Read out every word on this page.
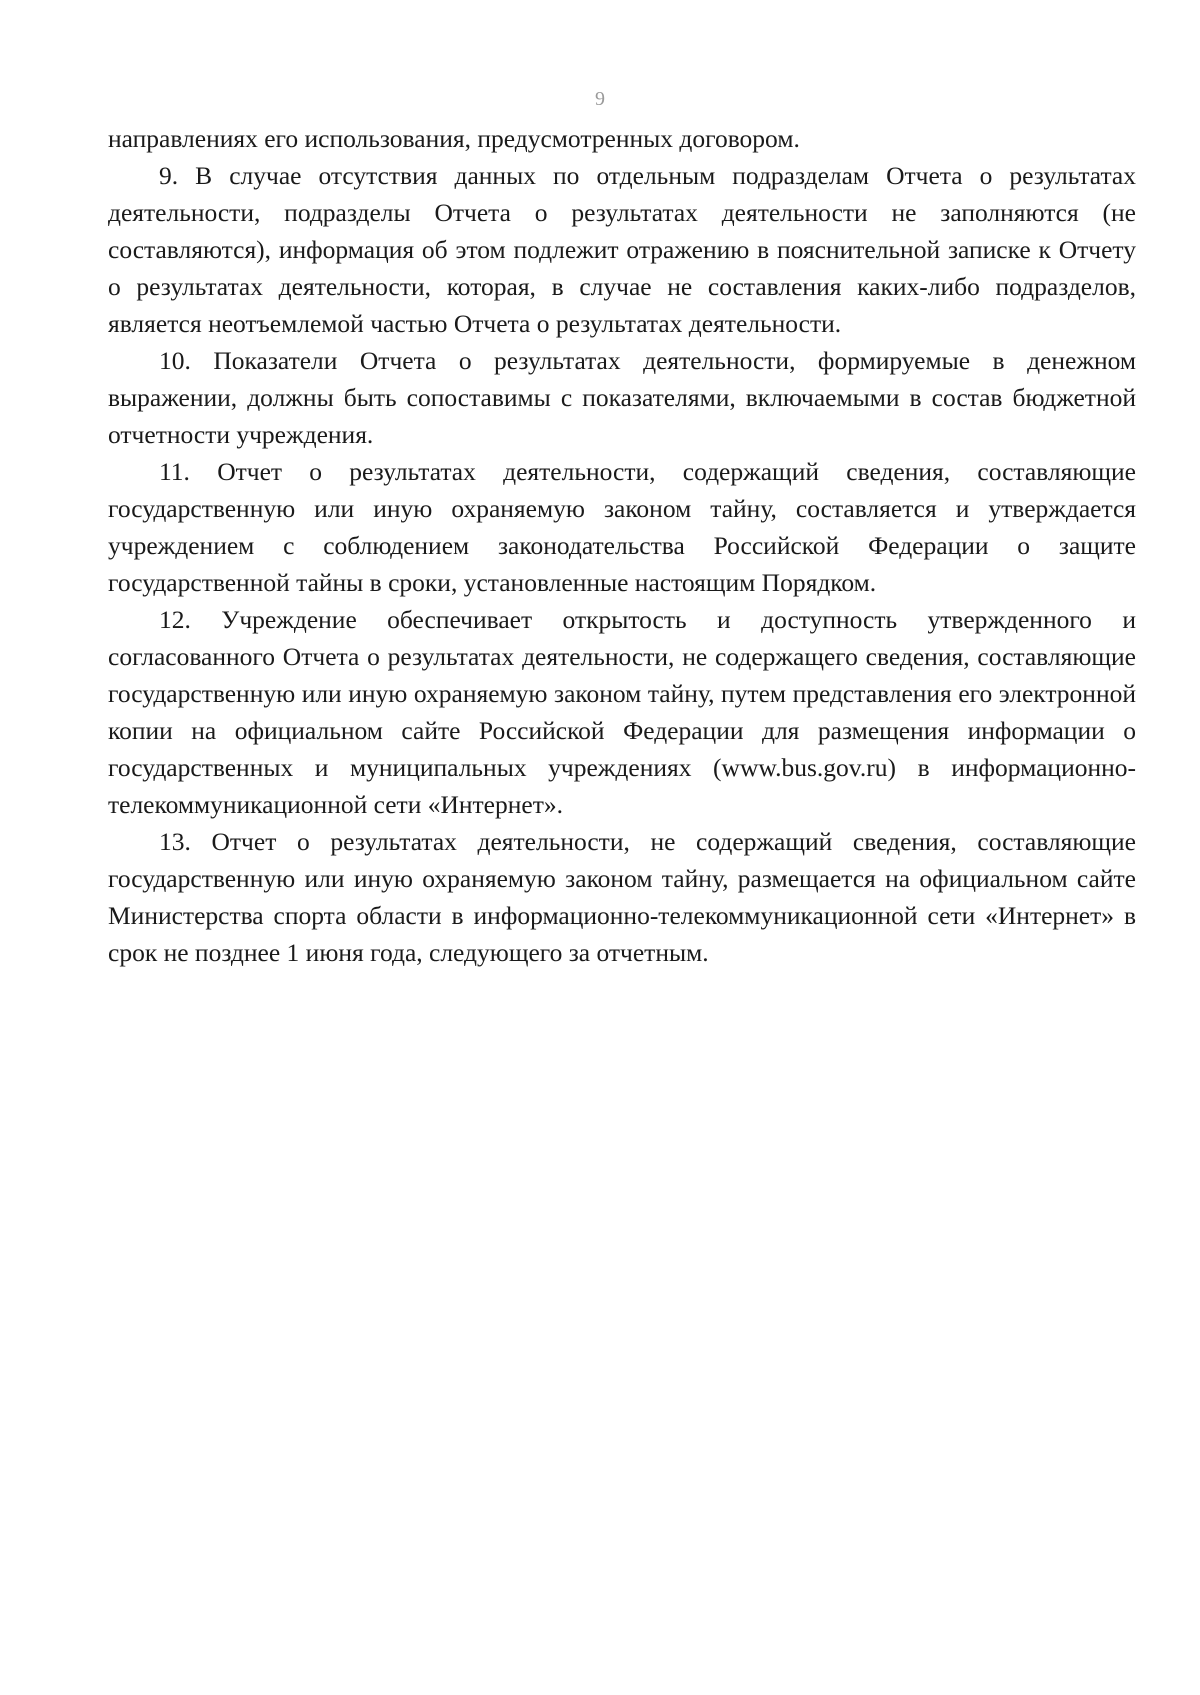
9

направлениях его использования, предусмотренных договором.

9. В случае отсутствия данных по отдельным подразделам Отчета о результатах деятельности, подразделы Отчета о результатах деятельности не заполняются (не составляются), информация об этом подлежит отражению в пояснительной записке к Отчету о результатах деятельности, которая, в случае не составления каких-либо подразделов, является неотъемлемой частью Отчета о результатах деятельности.

10. Показатели Отчета о результатах деятельности, формируемые в денежном выражении, должны быть сопоставимы с показателями, включаемыми в состав бюджетной отчетности учреждения.

11. Отчет о результатах деятельности, содержащий сведения, составляющие государственную или иную охраняемую законом тайну, составляется и утверждается учреждением с соблюдением законодательства Российской Федерации о защите государственной тайны в сроки, установленные настоящим Порядком.

12. Учреждение обеспечивает открытость и доступность утвержденного и согласованного Отчета о результатах деятельности, не содержащего сведения, составляющие государственную или иную охраняемую законом тайну, путем представления его электронной копии на официальном сайте Российской Федерации для размещения информации о государственных и муниципальных учреждениях (www.bus.gov.ru) в информационно-телекоммуникационной сети «Интернет».

13. Отчет о результатах деятельности, не содержащий сведения, составляющие государственную или иную охраняемую законом тайну, размещается на официальном сайте Министерства спорта области в информационно-телекоммуникационной сети «Интернет» в срок не позднее 1 июня года, следующего за отчетным.
